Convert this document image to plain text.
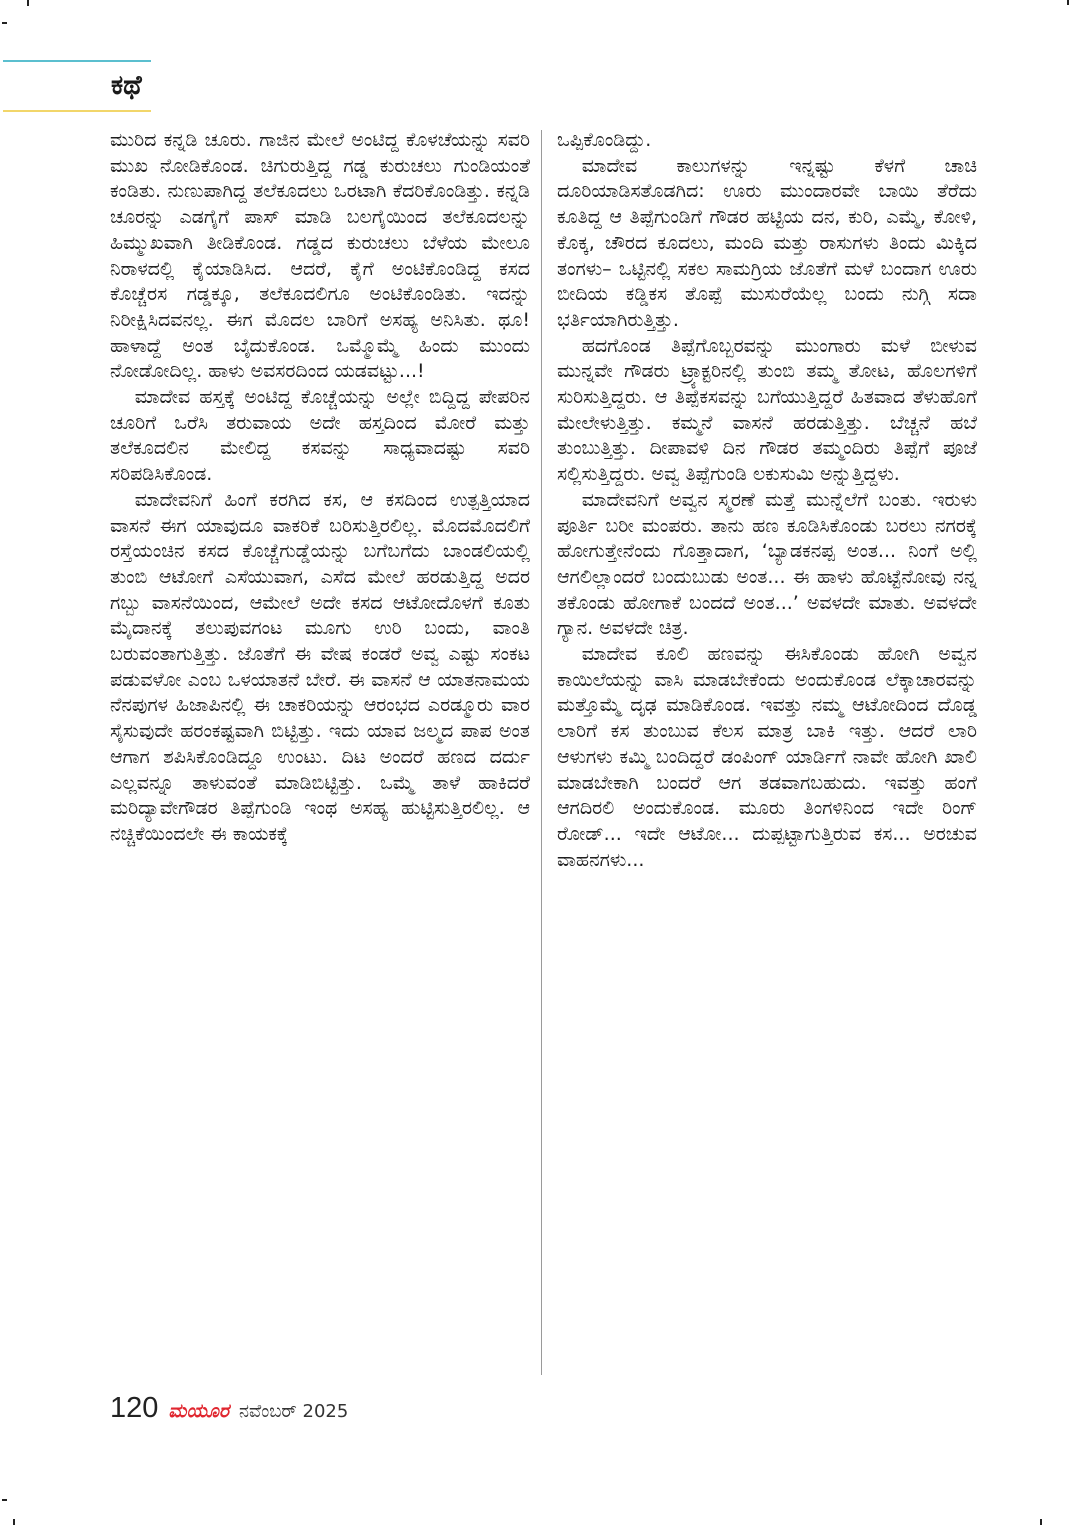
ಕಥೆ

ಮುರಿದ ಕನ್ನಡಿ ಚೂರು. ಗಾಜಿನ ಮೇಲೆ ಅಂಟಿದ್ದ ಕೊಳಚೆಯನ್ನು ಸವರಿ ಮುಖ ನೋಡಿಕೊಂಡ. ಚಿಗುರುತ್ತಿದ್ದ ಗಡ್ಡ ಕುರುಚಲು ಗುಂಡಿಯಂತೆ ಕಂಡಿತು. ನುಣುಪಾಗಿದ್ದ ತಲೆಕೂದಲು ಒರಟಾಗಿ ಕೆದರಿಕೊಂಡಿತ್ತು. ಕನ್ನಡಿ ಚೂರನ್ನು ಎಡಗೈಗೆ ಪಾಸ್ ಮಾಡಿ ಬಲಗೈಯಿಂದ ತಲೆಕೂದಲನ್ನು ಹಿಮ್ಮುಖವಾಗಿ ತೀಡಿಕೊಂಡ. ಗಡ್ಡದ ಕುರುಚಲು ಬೆಳೆಯ ಮೇಲೂ ನಿರಾಳದಲ್ಲಿ ಕೈಯಾಡಿಸಿದ. ಆದರೆ, ಕೈಗೆ ಅಂಟಿಕೊಂಡಿದ್ದ ಕಸದ ಕೊಚ್ಚೆರಸ ಗಡ್ಡಕ್ಕೂ, ತಲೆಕೂದಲಿಗೂ ಅಂಟಿಕೊಂಡಿತು. ಇದನ್ನು ನಿರೀಕ್ಷಿಸಿದವನಲ್ಲ. ಈಗ ಮೊದಲ ಬಾರಿಗೆ ಅಸಹ್ಯ ಅನಿಸಿತು. ಥೂ! ಹಾಳಾದ್ದೆ ಅಂತ ಬೈದುಕೊಂಡ. ಒಮ್ಮೊಮ್ಮೆ ಹಿಂದು ಮುಂದು ನೋಡೋದಿಲ್ಲ. ಹಾಳು ಅವಸರದಿಂದ ಯಡವಟ್ಟು...!

ಮಾದೇವ ಹಸ್ತಕ್ಕೆ ಅಂಟಿದ್ದ ಕೊಚ್ಚೆಯನ್ನು ಅಲ್ಲೇ ಬಿದ್ದಿದ್ದ ಪೇಪರಿನ ಚೂರಿಗೆ ಒರೆಸಿ ತರುವಾಯ ಅದೇ ಹಸ್ತದಿಂದ ಮೋರೆ ಮತ್ತು ತಲೆಕೂದಲಿನ ಮೇಲಿದ್ದ ಕಸವನ್ನು ಸಾಧ್ಯವಾದಷ್ಟು ಸವರಿ ಸರಿಪಡಿಸಿಕೊಂಡ.

ಮಾದೇವನಿಗೆ ಹಿಂಗೆ ಕರಗಿದ ಕಸ, ಆ ಕಸದಿಂದ ಉತ್ಪತ್ತಿಯಾದ ವಾಸನೆ ಈಗ ಯಾವುದೂ ವಾಕರಿಕೆ ಬರಿಸುತ್ತಿರಲಿಲ್ಲ. ಮೊದಮೊದಲಿಗೆ ರಸ್ತೆಯಂಚಿನ ಕಸದ ಕೊಚ್ಚೆಗುಡ್ಡೆಯನ್ನು ಬಗೆಬಗೆದು ಬಾಂಡಲಿಯಲ್ಲಿ ತುಂಬಿ ಆಟೋಗೆ ಎಸೆಯುವಾಗ, ಎಸೆದ ಮೇಲೆ ಹರಡುತ್ತಿದ್ದ ಅದರ ಗಬ್ಬು ವಾಸನೆಯಿಂದ, ಆಮೇಲೆ ಅದೇ ಕಸದ ಆಟೋದೊಳಗೆ ಕೂತು ಮೈದಾನಕ್ಕೆ ತಲುಪುವಗಂಟ ಮೂಗು ಉರಿ ಬಂದು, ವಾಂತಿ ಬರುವಂತಾಗುತ್ತಿತ್ತು. ಜೊತೆಗೆ ಈ ವೇಷ ಕಂಡರೆ ಅವ್ವ ಎಷ್ಟು ಸಂಕಟ ಪಡುವಳೋ ಎಂಬ ಒಳಯಾತನೆ ಬೇರೆ. ಈ ವಾಸನೆ ಆ ಯಾತನಾಮಯ ನೆನಪುಗಳ ಹಿಜಾಪಿನಲ್ಲಿ ಈ ಚಾಕರಿಯನ್ನು ಆರಂಭದ ಎರಡ್ಮೂರು ವಾರ ಸೈಸುವುದೇ ಹರಂಕಷ್ಟವಾಗಿ ಬಿಟ್ಟಿತ್ತು. ಇದು ಯಾವ ಜಲ್ಮದ ಪಾಪ ಅಂತ ಆಗಾಗ ಶಪಿಸಿಕೊಂಡಿದ್ದೂ ಉಂಟು. ದಿಟ ಅಂದರೆ ಹಣದ ದರ್ದು ಎಲ್ಲವನ್ನೂ ತಾಳುವಂತೆ ಮಾಡಿಬಿಟ್ಟಿತ್ತು. ಒಮ್ಮೆ ತಾಳೆ ಹಾಕಿದರೆ ಮರಿದ್ಯಾವೇಗೌಡರ ತಿಪ್ಪೆಗುಂಡಿ ಇಂಥ ಅಸಹ್ಯ ಹುಟ್ಟಿಸುತ್ತಿರಲಿಲ್ಲ. ಆ ನಚ್ಚಿಕೆಯಿಂದಲೇ ಈ ಕಾಯಕಕ್ಕೆ

ಒಪ್ಪಿಕೊಂಡಿದ್ದು.

ಮಾದೇವ ಕಾಲುಗಳನ್ನು ಇನ್ನಷ್ಟು ಕೆಳಗೆ ಚಾಚಿ ದೂರಿಯಾಡಿಸತೊಡಗಿದ: ಊರು ಮುಂದಾರವೇ ಬಾಯಿ ತೆರೆದು ಕೂತಿದ್ದ ಆ ತಿಪ್ಪೆಗುಂಡಿಗೆ ಗೌಡರ ಹಟ್ಟಿಯ ದನ, ಕುರಿ, ಎಮ್ಮೆ, ಕೋಳಿ, ಕೊಕ್ಕ, ಚೌರದ ಕೂದಲು, ಮಂದಿ ಮತ್ತು ರಾಸುಗಳು ತಿಂದು ಮಿಕ್ಕಿದ ತಂಗಳು– ಒಟ್ಟಿನಲ್ಲಿ ಸಕಲ ಸಾಮಗ್ರಿಯ ಜೊತೆಗೆ ಮಳೆ ಬಂದಾಗ ಊರು ಬೀದಿಯ ಕಡ್ಡಿಕಸ ತೊಪ್ಪೆ ಮುಸುರೆಯೆಲ್ಲ ಬಂದು ನುಗ್ಗಿ ಸದಾ ಭರ್ತಿಯಾಗಿರುತ್ತಿತ್ತು.

ಹದಗೊಂಡ ತಿಪ್ಪೆಗೊಬ್ಬರವನ್ನು ಮುಂಗಾರು ಮಳೆ ಬೀಳುವ ಮುನ್ನವೇ ಗೌಡರು ಟ್ರ್ಯಾಕ್ಟರಿನಲ್ಲಿ ತುಂಬಿ ತಮ್ಮ ತೋಟ, ಹೊಲಗಳಿಗೆ ಸುರಿಸುತ್ತಿದ್ದರು. ಆ ತಿಪ್ಪೆಕಸವನ್ನು ಬಗೆಯುತ್ತಿದ್ದರೆ ಹಿತವಾದ ತೆಳುಹೊಗೆ ಮೇಲೇಳುತ್ತಿತ್ತು. ಕಮ್ಮನೆ ವಾಸನೆ ಹರಡುತ್ತಿತ್ತು. ಬೆಚ್ಚನೆ ಹಬೆ ತುಂಬುತ್ತಿತ್ತು. ದೀಪಾವಳಿ ದಿನ ಗೌಡರ ತಮ್ಮಂದಿರು ತಿಪ್ಪೆಗೆ ಪೂಜೆ ಸಲ್ಲಿಸುತ್ತಿದ್ದರು. ಅವ್ವ ತಿಪ್ಪೆಗುಂಡಿ ಲಕುಸುಮಿ ಅನ್ನುತ್ತಿದ್ದಳು.

ಮಾದೇವನಿಗೆ ಅವ್ವನ ಸ್ಮರಣೆ ಮತ್ತೆ ಮುನ್ನೆಲೆಗೆ ಬಂತು. ಇರುಳು ಪೂರ್ತಿ ಬರೀ ಮಂಪರು. ತಾನು ಹಣ ಕೂಡಿಸಿಕೊಂಡು ಬರಲು ನಗರಕ್ಕೆ ಹೋಗುತ್ತೇನೆಂದು ಗೊತ್ತಾದಾಗ, ‘ಬ್ಯಾಡಕನಪ್ಪ ಅಂತ... ನಿಂಗೆ ಅಲ್ಲಿ ಆಗಲಿಲ್ಲಾಂದರೆ ಬಂದುಬುಡು ಅಂತ... ಈ ಹಾಳು ಹೊಟ್ಟೆನೋವು ನನ್ನ ತಕೊಂಡು ಹೋಗಾಕೆ ಬಂದದೆ ಅಂತ...’ ಅವಳದೇ ಮಾತು. ಅವಳದೇ ಗ್ಯಾನ. ಅವಳದೇ ಚಿತ್ರ.

ಮಾದೇವ ಕೂಲಿ ಹಣವನ್ನು ಈಸಿಕೊಂಡು ಹೋಗಿ ಅವ್ವನ ಕಾಯಿಲೆಯನ್ನು ವಾಸಿ ಮಾಡಬೇಕೆಂದು ಅಂದುಕೊಂಡ ಲೆಕ್ಕಾಚಾರವನ್ನು ಮತ್ತೊಮ್ಮೆ ದೃಢ ಮಾಡಿಕೊಂಡ. ಇವತ್ತು ನಮ್ಮ ಆಟೋದಿಂದ ದೊಡ್ಡ ಲಾರಿಗೆ ಕಸ ತುಂಬುವ ಕೆಲಸ ಮಾತ್ರ ಬಾಕಿ ಇತ್ತು. ಆದರೆ ಲಾರಿ ಆಳುಗಳು ಕಮ್ಮಿ ಬಂದಿದ್ದರೆ ಡಂಪಿಂಗ್ ಯಾರ್ಡಿಗೆ ನಾವೇ ಹೋಗಿ ಖಾಲಿ ಮಾಡಬೇಕಾಗಿ ಬಂದರೆ ಆಗ ತಡವಾಗಬಹುದು. ಇವತ್ತು ಹಂಗೆ ಆಗದಿರಲಿ ಅಂದುಕೊಂಡ. ಮೂರು ತಿಂಗಳಿನಿಂದ ಇದೇ ರಿಂಗ್ ರೋಡ್... ಇದೇ ಆಟೋ... ದುಪ್ಪಟ್ಟಾಗುತ್ತಿರುವ ಕಸ... ಅರಚುವ ವಾಹನಗಳು...

120 ಮಯೂರ ನವೆಂಬರ್ 2025
